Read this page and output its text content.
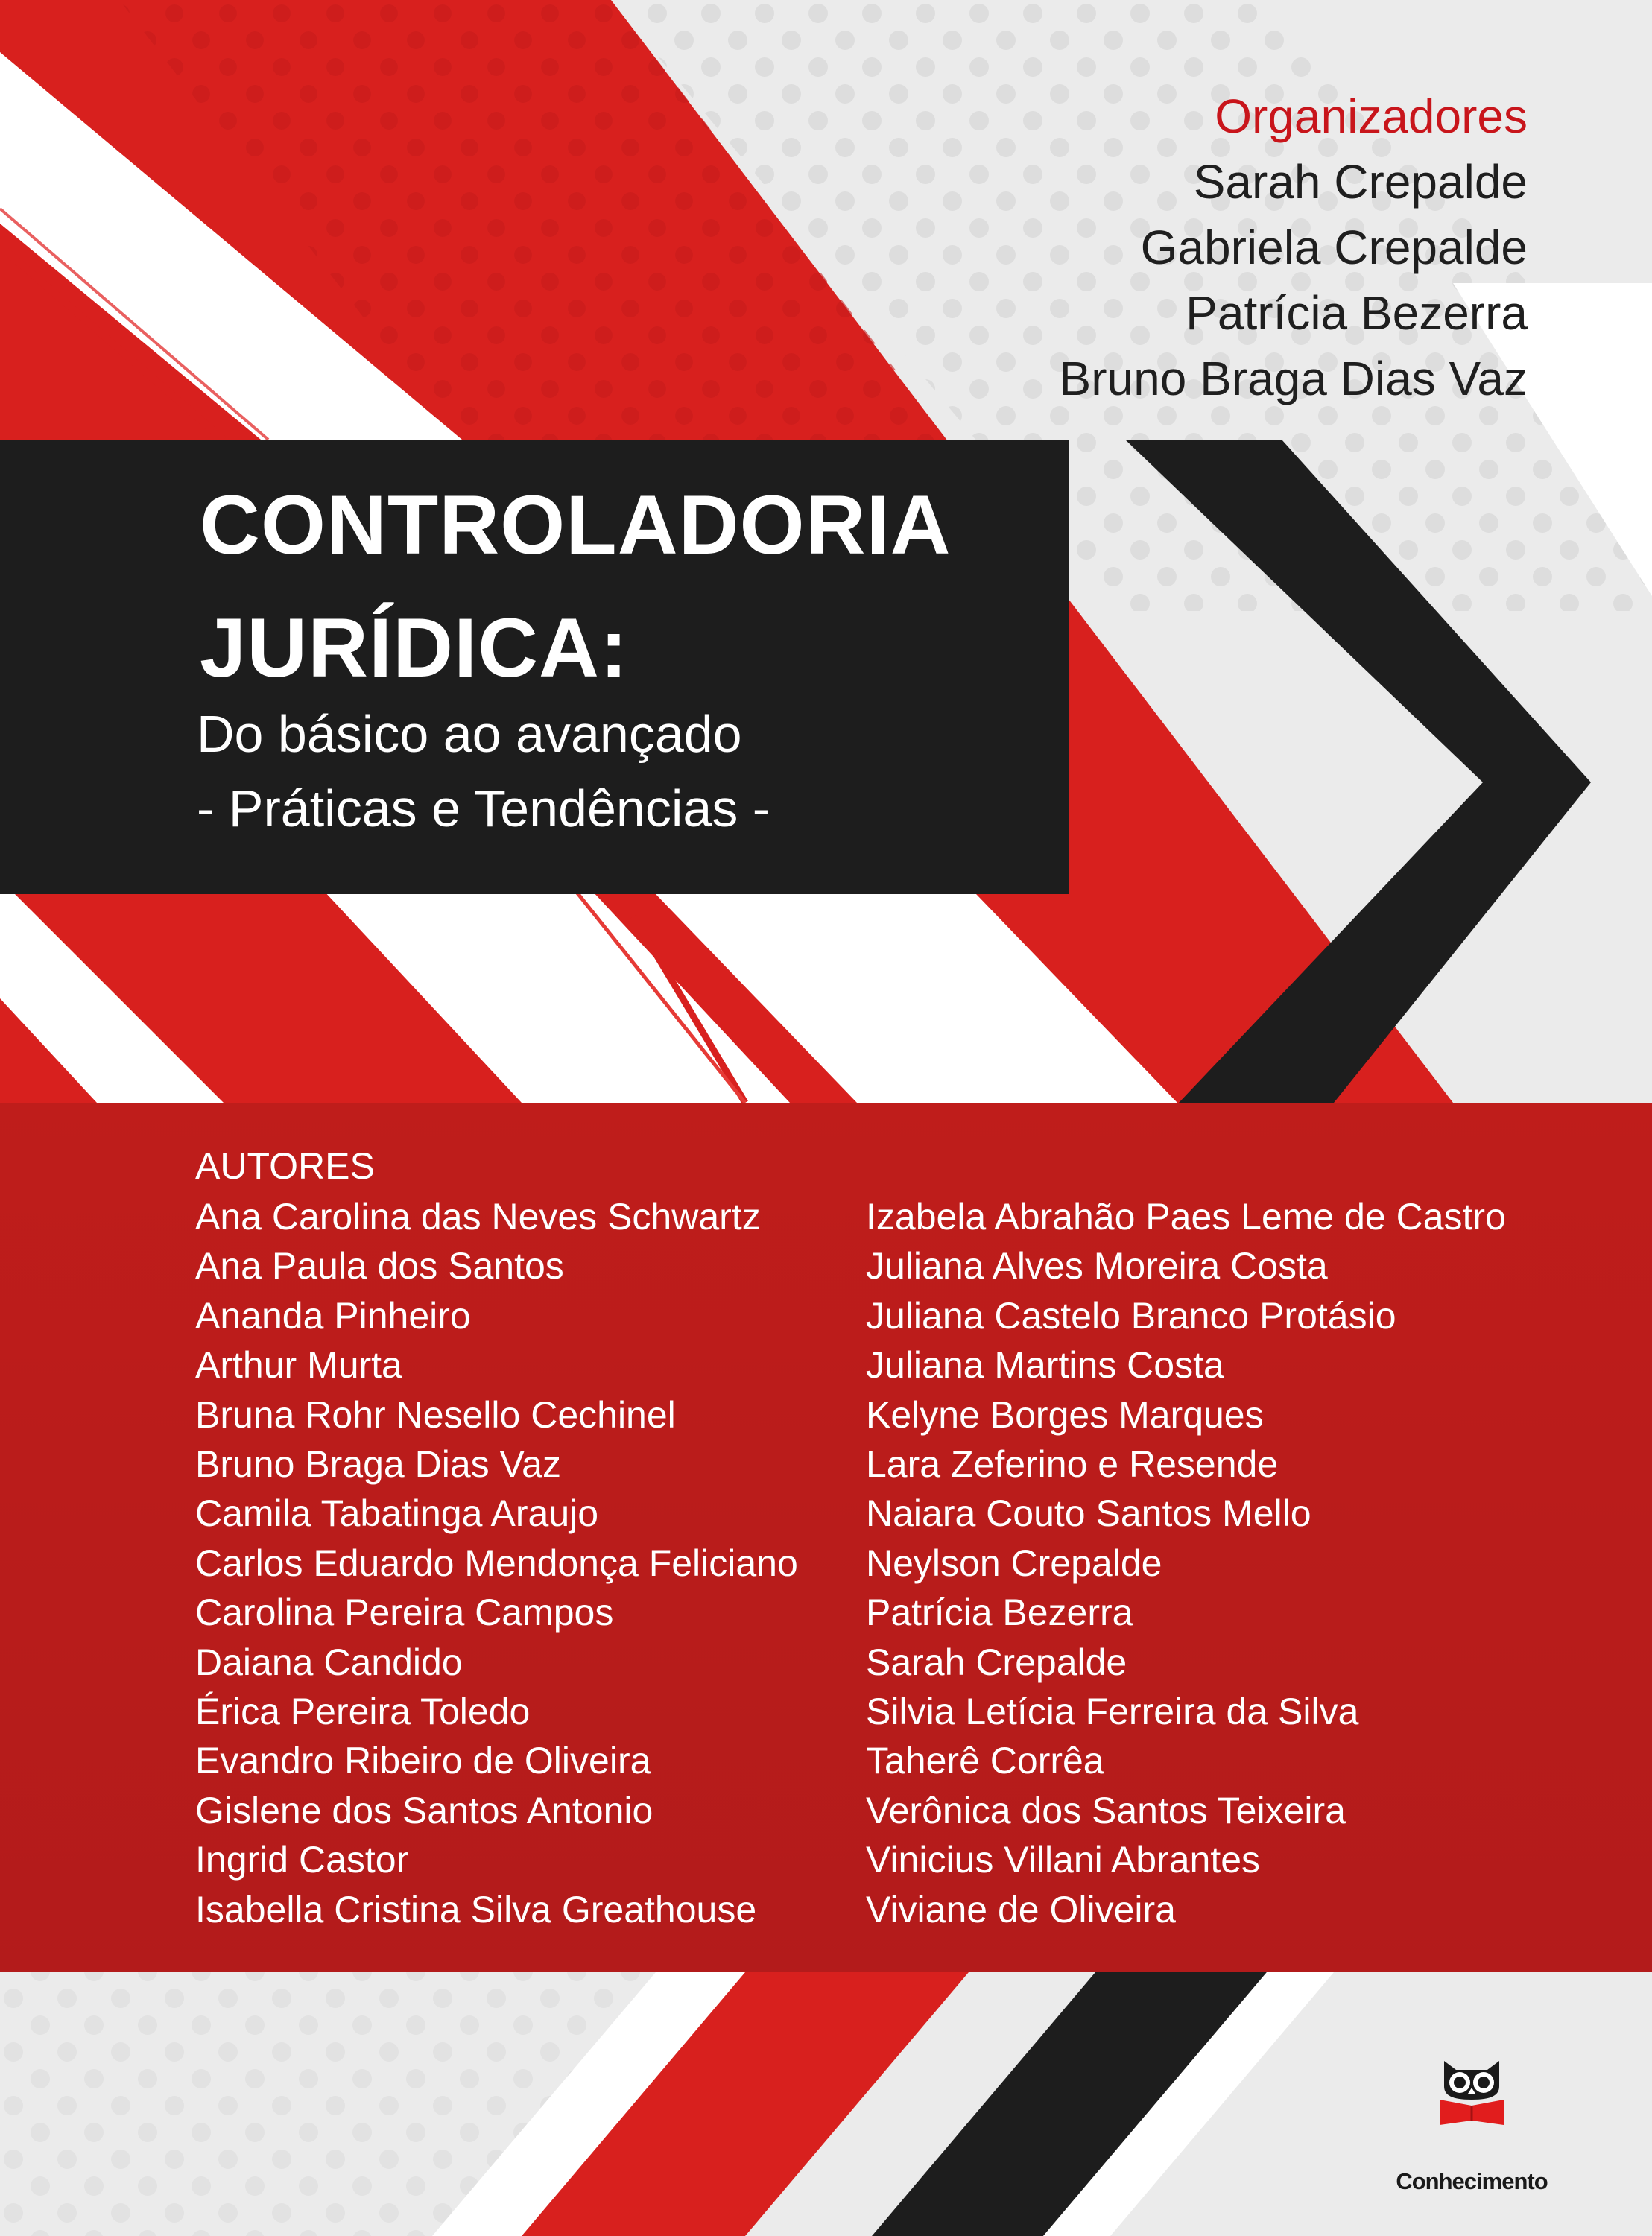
Organizadores
Sarah Crepalde
Gabriela Crepalde
Patrícia Bezerra
Bruno Braga Dias Vaz
CONTROLADORIA
JURÍDICA:
Do básico ao avançado
- Práticas e Tendências -
AUTORES
Ana Carolina das Neves Schwartz
Ana Paula dos Santos
Ananda Pinheiro
Arthur Murta
Bruna Rohr Nesello Cechinel
Bruno Braga Dias Vaz
Camila Tabatinga Araujo
Carlos Eduardo Mendonça Feliciano
Carolina Pereira Campos
Daiana Candido
Érica Pereira Toledo
Evandro Ribeiro de Oliveira
Gislene dos Santos Antonio
Ingrid Castor
Isabella Cristina Silva Greathouse
Izabela Abrahão Paes Leme de Castro
Juliana Alves Moreira Costa
Juliana Castelo Branco Protásio
Juliana Martins Costa
Kelyne Borges Marques
Lara Zeferino e Resende
Naiara Couto Santos Mello
Neylson Crepalde
Patrícia Bezerra
Sarah Crepalde
Silvia Letícia Ferreira da Silva
Taherê Corrêa
Verônica dos Santos Teixeira
Vinicius Villani Abrantes
Viviane de Oliveira
Conhecimento
